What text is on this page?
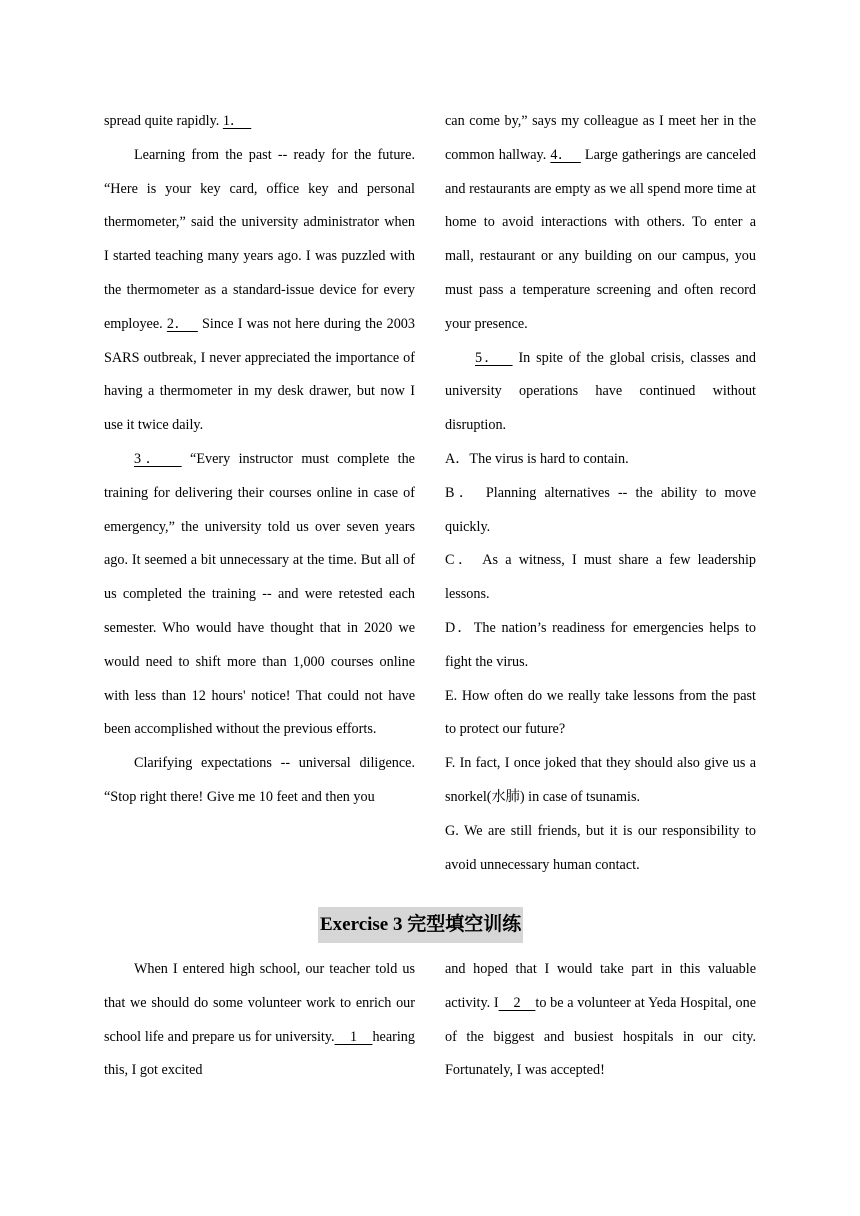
spread quite rapidly. 1．

Learning from the past -- ready for the future. “Here is your key card, office key and personal thermometer,” said the university administrator when I started teaching many years ago. I was puzzled with the thermometer as a standard-issue device for every employee. 2．   Since I was not here during the 2003 SARS outbreak, I never appreciated the importance of having a thermometer in my desk drawer, but now I use it twice daily.

3．   “Every instructor must complete the training for delivering their courses online in case of emergency,” the university told us over seven years ago. It seemed a bit unnecessary at the time. But all of us completed the training -- and were retested each semester. Who would have thought that in 2020 we would need to shift more than 1,000 courses online with less than 12 hours' notice! That could not have been accomplished without the previous efforts.

Clarifying expectations -- universal diligence. “Stop right there! Give me 10 feet and then you

can come by,” says my colleague as I meet her in the common hallway. 4．   Large gatherings are canceled and restaurants are empty as we all spend more time at home to avoid interactions with others. To enter a mall, restaurant or any building on our campus, you must pass a temperature screening and often record your presence.

5．   In spite of the global crisis, classes and university operations have continued without disruption.

A．The virus is hard to contain.

B． Planning alternatives -- the ability to move quickly.

C． As a witness, I must share a few leadership lessons.

D．The nation’s readiness for emergencies helps to fight the virus.

E. How often do we really take lessons from the past to protect our future?

F. In fact, I once joked that they should also give us a snorkel(水肺) in case of tsunamis.

G. We are still friends, but it is our responsibility to avoid unnecessary human contact.

Exercise 3 完型填空训练

When I entered high school, our teacher told us that we should do some volunteer work to enrich our school life and prepare us for university.    1    hearing this, I got excited

and hoped that I would take part in this valuable activity. I    2    to be a volunteer at Yeda Hospital, one of the biggest and busiest hospitals in our city. Fortunately, I was accepted!
